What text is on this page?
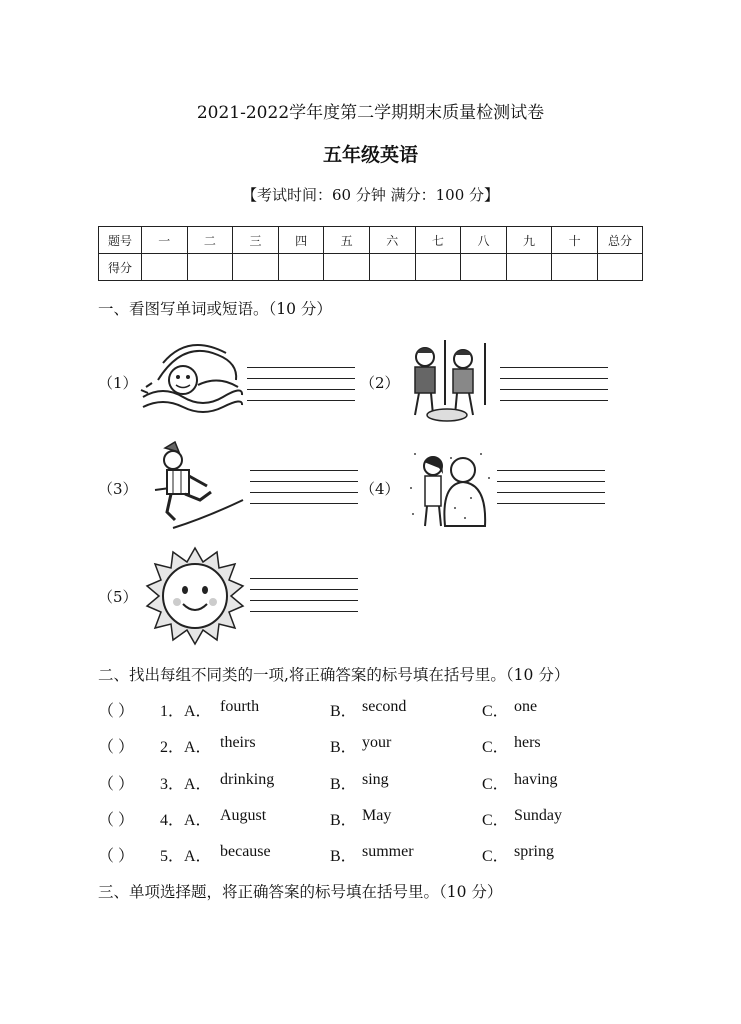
2021-2022学年度第二学期期末质量检测试卷
五年级英语
【考试时间：60 分钟 满分：100 分】
题号	一	二	三	四	五	六	七	八	九	十	总分
得分											
一、看图写单词或短语。（10 分）
（1）	（2）
（3）	（4）
（5）
二、找出每组不同类的一项,将正确答案的标号填在括号里。（10 分）
（ ） 1．A． fourth	B． second	C． one
（ ） 2．A． theirs	B． your	C． hers
（ ） 3．A． drinking	B． sing	C． having
（ ） 4．A． August	B． May	C． Sunday
（ ） 5．A． because	B． summer	C． spring
三、单项选择题，将正确答案的标号填在括号里。（10 分）
